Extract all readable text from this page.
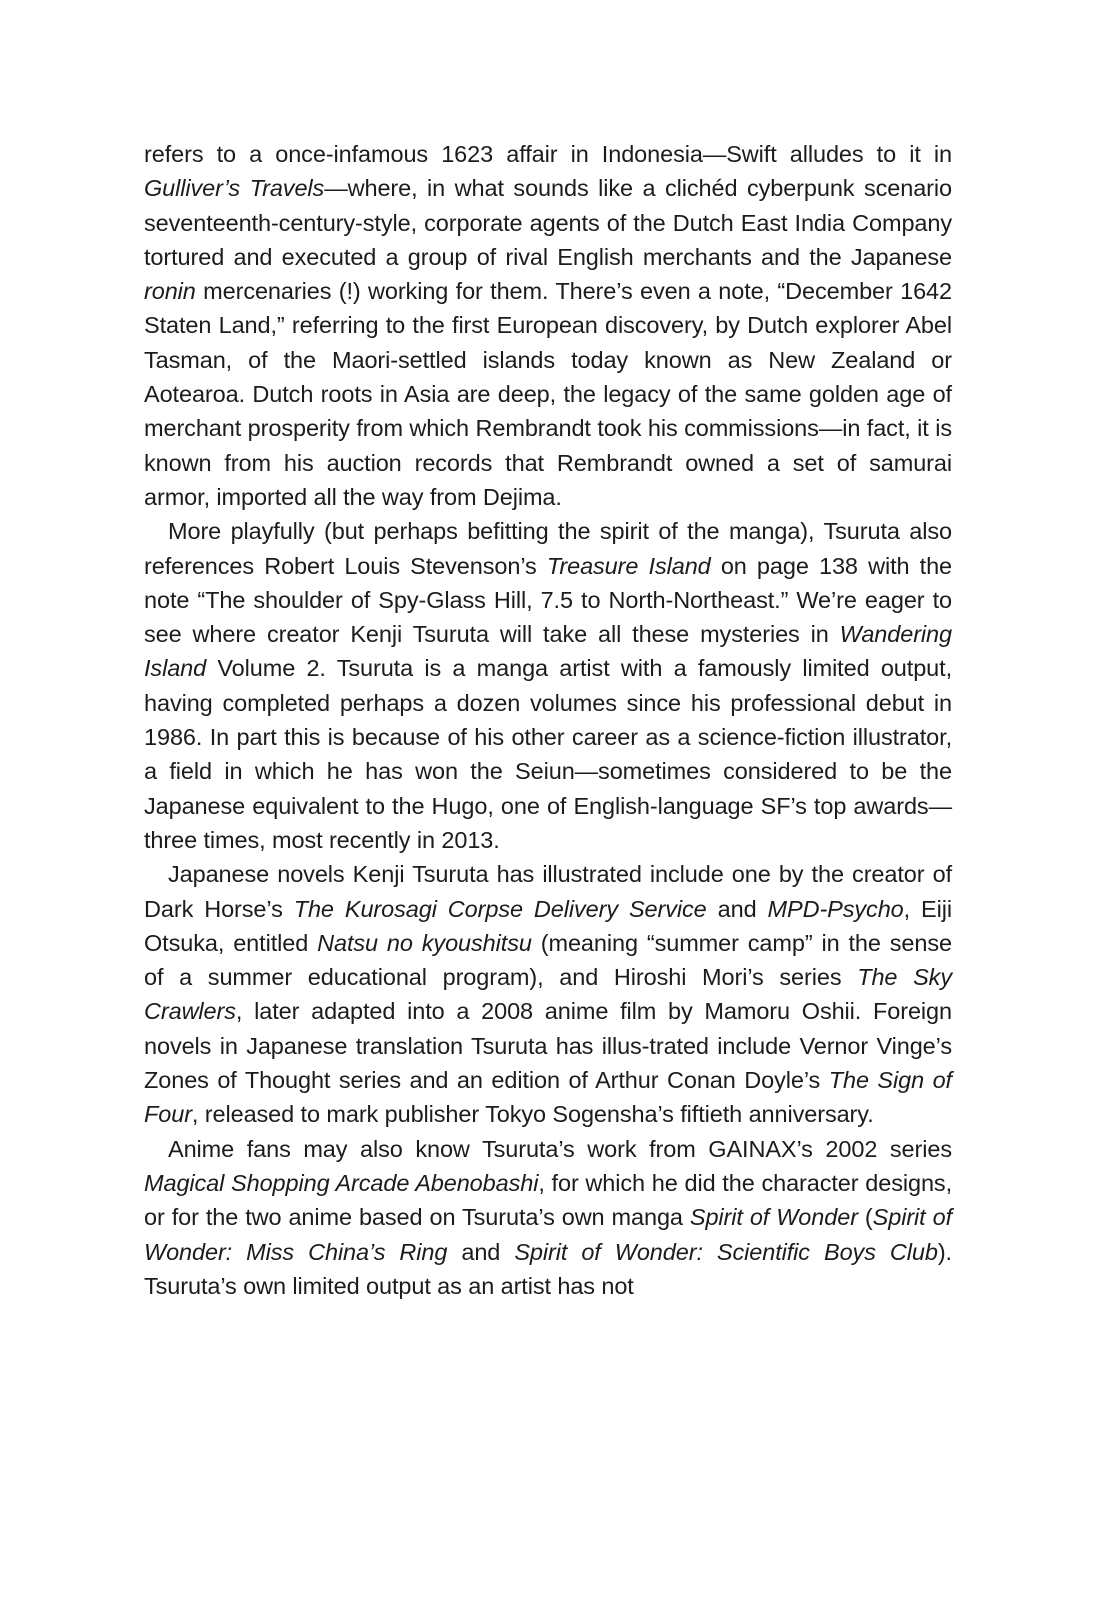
refers to a once-infamous 1623 affair in Indonesia—Swift alludes to it in Gulliver’s Travels—where, in what sounds like a clichéd cyberpunk scenario seventeenth-century-style, corporate agents of the Dutch East India Company tortured and executed a group of rival English merchants and the Japanese ronin mercenaries (!) working for them. There’s even a note, “December 1642 Staten Land,” referring to the first European discovery, by Dutch explorer Abel Tasman, of the Maori-settled islands today known as New Zealand or Aotearoa. Dutch roots in Asia are deep, the legacy of the same golden age of merchant prosperity from which Rembrandt took his commissions—in fact, it is known from his auction records that Rembrandt owned a set of samurai armor, imported all the way from Dejima.

More playfully (but perhaps befitting the spirit of the manga), Tsuruta also references Robert Louis Stevenson’s Treasure Island on page 138 with the note “The shoulder of Spy-Glass Hill, 7.5 to North-Northeast.” We’re eager to see where creator Kenji Tsuruta will take all these mysteries in Wandering Island Volume 2. Tsuruta is a manga artist with a famously limited output, having completed perhaps a dozen volumes since his professional debut in 1986. In part this is because of his other career as a science-fiction illustrator, a field in which he has won the Seiun—sometimes considered to be the Japanese equivalent to the Hugo, one of English-language SF’s top awards—three times, most recently in 2013.

Japanese novels Kenji Tsuruta has illustrated include one by the creator of Dark Horse’s The Kurosagi Corpse Delivery Service and MPD-Psycho, Eiji Otsuka, entitled Natsu no kyoushitsu (meaning “summer camp” in the sense of a summer educational program), and Hiroshi Mori’s series The Sky Crawlers, later adapted into a 2008 anime film by Mamoru Oshii. Foreign novels in Japanese translation Tsuruta has illus-trated include Vernor Vinge’s Zones of Thought series and an edition of Arthur Conan Doyle’s The Sign of Four, released to mark publisher Tokyo Sogensha’s fiftieth anniversary.

Anime fans may also know Tsuruta’s work from GAINAX’s 2002 series Magical Shopping Arcade Abenobashi, for which he did the character designs, or for the two anime based on Tsuruta’s own manga Spirit of Wonder (Spirit of Wonder: Miss China’s Ring and Spirit of Wonder: Scientific Boys Club). Tsuruta’s own limited output as an artist has not
